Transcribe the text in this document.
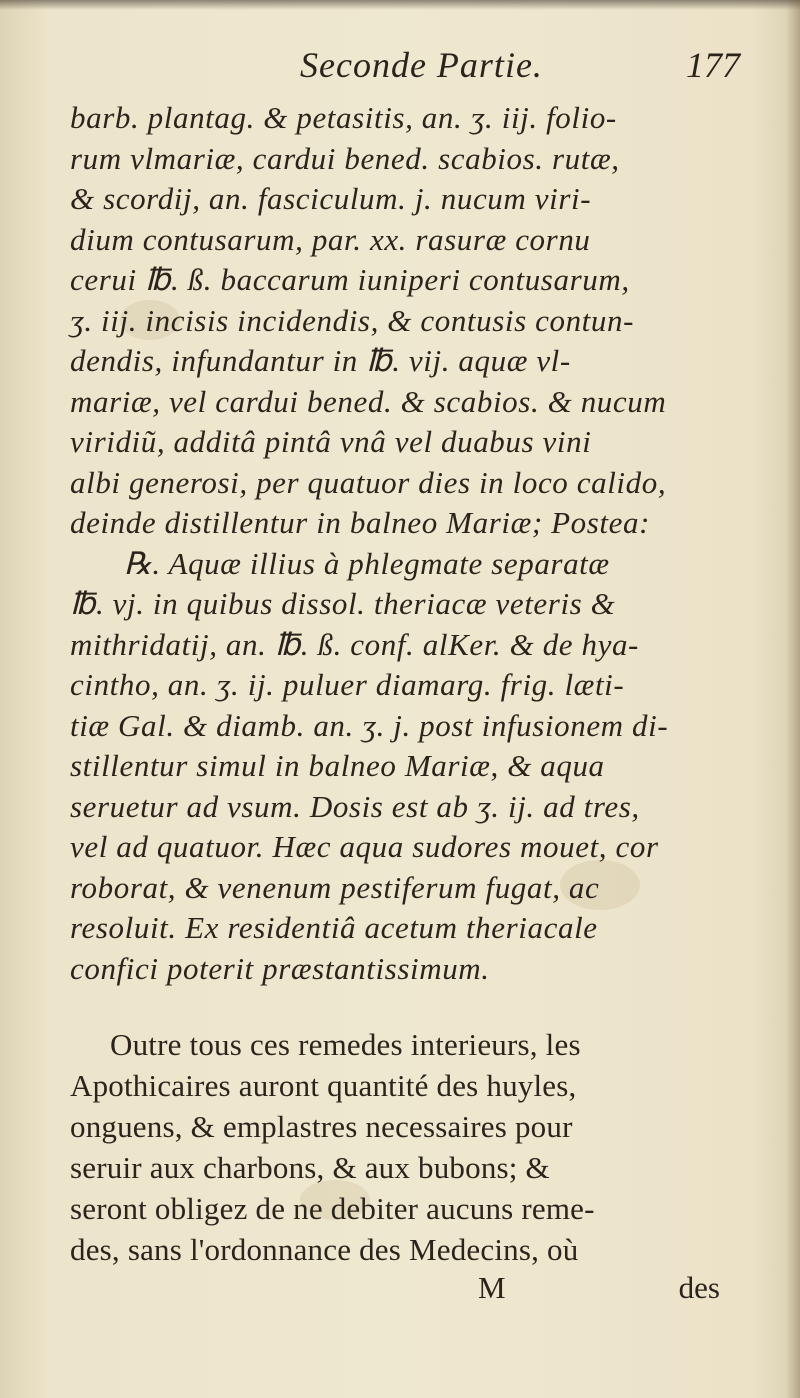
Seconde Partie.	177
barb. plantag. & petasitis, an. ʒ. iij. folio-
rum vlmariæ, cardui bened. scabios. rutæ,
& scordij, an. fasciculum. j. nucum viri-
dium contusarum, par. xx. rasuræ cornu
cerui ℔. ß. baccarum iuniperi contusarum,
ʒ. iij. incisis incidendis, & contusis contun-
dendis, infundantur in ℔. vij. aquæ vl-
mariæ, vel cardui bened. & scabios. & nucum
viridiũ, additâ pintâ vnâ vel duabus vini
albi generosi, per quatuor dies in loco calido,
deinde distillentur in balneo Mariæ; Postea:
℞. Aquæ illius à phlegmate separatæ
℔. vj. in quibus dissol. theriacæ veteris &
mithridatij, an. ℔. ß. conf. alKer. & de hya-
cintho, an. ʒ. ij. puluer diamarg. frig. læti-
tiæ Gal. & diamb. an. ʒ. j. post infusionem di-
stillentur simul in balneo Mariæ, & aqua
seruetur ad vsum. Dosis est ab ʒ. ij. ad tres,
vel ad quatuor. Hæc aqua sudores mouet, cor
roborat, & venenum pestiferum fugat, ac
resoluit. Ex residentiâ acetum theriacale
confici poterit præstantissimum.
Outre tous ces remedes interieurs, les
Apothicaires auront quantité des huyles,
onguens, & emplastres necessaires pour
seruir aux charbons, & aux bubons; &
seront obligez de ne debiter aucuns reme-
des, sans l'ordonnance des Medecins, où
M	des
